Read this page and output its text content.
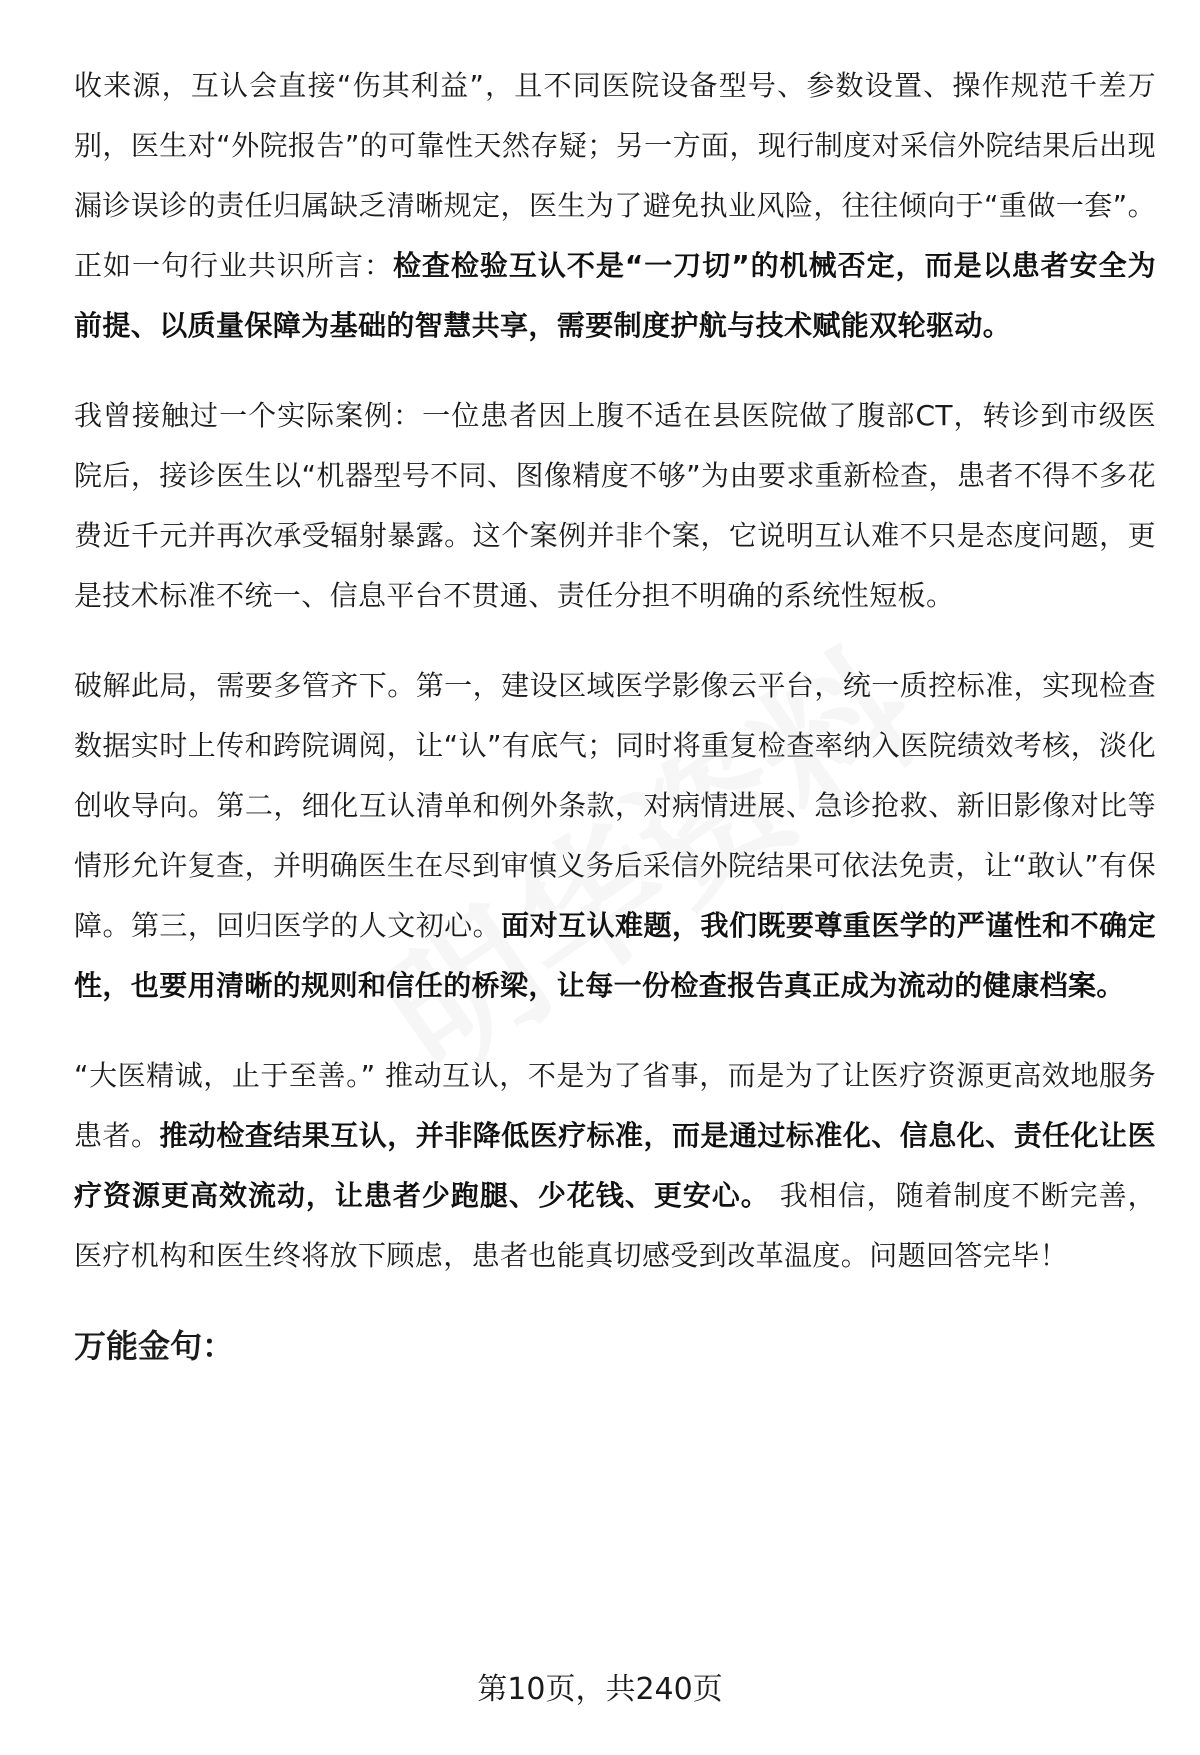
收来源，互认会直接“伤其利益”，且不同医院设备型号、参数设置、操作规范千差万别，医生对“外院报告”的可靠性天然存疑；另一方面，现行制度对采信外院结果后出现漏诊误诊的责任归属缺乏清晰规定，医生为了避免执业风险，往往倾向于“重做一套”。正如一句行业共识所言：检查检验互认不是“一刀切”的机械否定，而是以患者安全为前提、以质量保障为基础的智慧共享，需要制度护航与技术赋能双轮驱动。

我曾接触过一个实际案例：一位患者因上腹不适在县医院做了腹部CT，转诊到市级医院后，接诊医生以“机器型号不同、图像精度不够”为由要求重新检查，患者不得不多花费近千元并再次承受辐射暴露。这个案例并非个案，它说明互认难不只是态度问题，更是技术标准不统一、信息平台不贯通、责任分担不明确的系统性短板。

破解此局，需要多管齐下。第一，建设区域医学影像云平台，统一质控标准，实现检查数据实时上传和跨院调阅，让“认”有底气；同时将重复检查率纳入医院绩效考核，淡化创收导向。第二，细化互认清单和例外条款，对病情进展、急诊抢救、新旧影像对比等情形允许复查，并明确医生在尽到审慎义务后采信外院结果可依法免责，让“敢认”有保障。第三，回归医学的人文初心。面对互认难题，我们既要尊重医学的严谨性和不确定性，也要用清晰的规则和信任的桥梁，让每一份检查报告真正成为流动的健康档案。

“大医精诚，止于至善。” 推动互认，不是为了省事，而是为了让医疗资源更高效地服务患者。推动检查结果互认，并非降低医疗标准，而是通过标准化、信息化、责任化让医疗资源更高效流动，让患者少跑腿、少花钱、更安心。 我相信，随着制度不断完善，医疗机构和医生终将放下顾虑，患者也能真切感受到改革温度。问题回答完毕！

万能金句：
第10页，共240页
